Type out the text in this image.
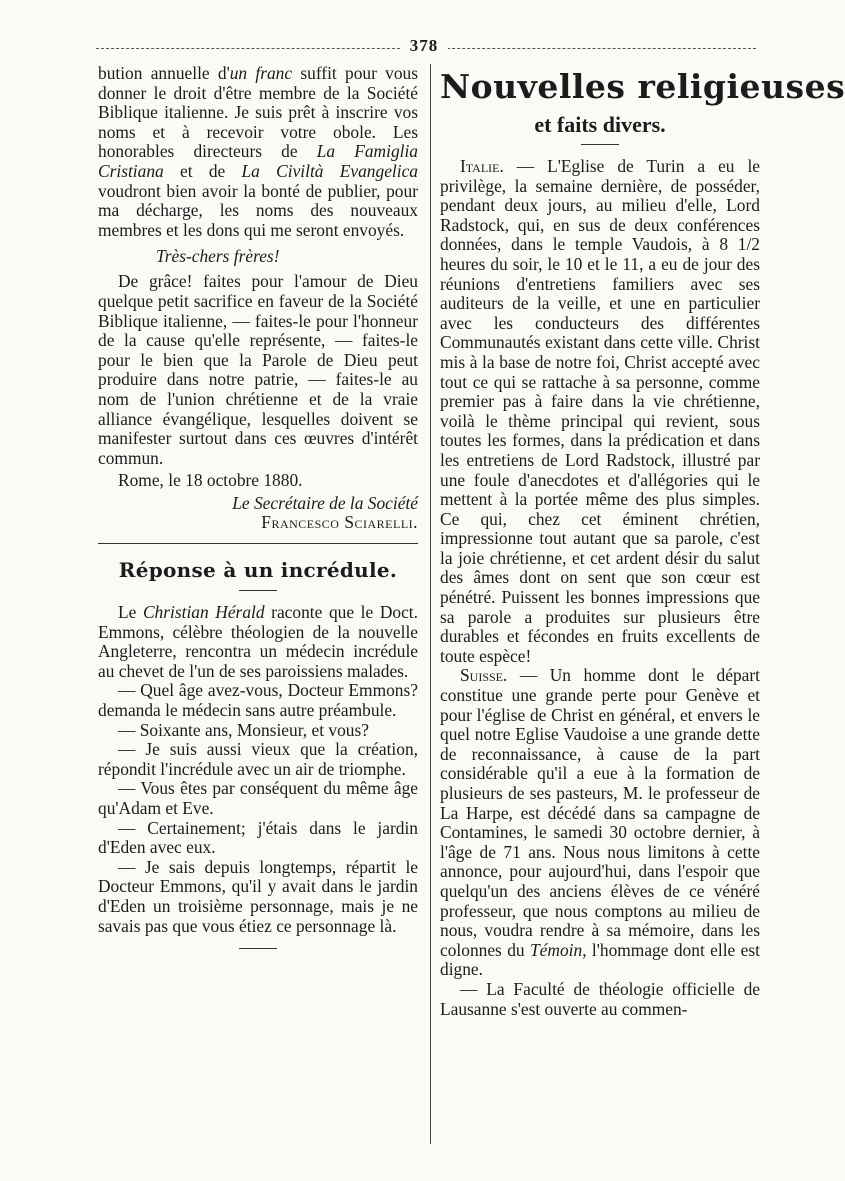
378

bution annuelle d'un franc suffit pour vous donner le droit d'être membre de la Société Biblique italienne. Je suis prêt à inscrire vos noms et à recevoir votre obole. Les honorables directeurs de La Famiglia Cristiana et de La Civiltà Evangelica voudront bien avoir la bonté de publier, pour ma décharge, les noms des nouveaux membres et les dons qui me seront envoyés.

Très-chers frères!

De grâce! faites pour l'amour de Dieu quelque petit sacrifice en faveur de la Société Biblique italienne, — faites-le pour l'honneur de la cause qu'elle représente, — faites-le pour le bien que la Parole de Dieu peut produire dans notre patrie, — faites-le au nom de l'union chrétienne et de la vraie alliance évangélique, lesquelles doivent se manifester surtout dans ces œuvres d'intérêt commun.

Rome, le 18 octobre 1880.

Le Secrétaire de la Société

Francesco Sciarelli.

Réponse à un incrédule.

Le Christian Hérald raconte que le Doct. Emmons, célèbre théologien de la nouvelle Angleterre, rencontra un médecin incrédule au chevet de l'un de ses paroissiens malades.

— Quel âge avez-vous, Docteur Emmons? demanda le médecin sans autre préambule.

— Soixante ans, Monsieur, et vous?

— Je suis aussi vieux que la création, répondit l'incrédule avec un air de triomphe.

— Vous êtes par conséquent du même âge qu'Adam et Eve.

— Certainement; j'étais dans le jardin d'Eden avec eux.

— Je sais depuis longtemps, répartit le Docteur Emmons, qu'il y avait dans le jardin d'Eden un troisième personnage, mais je ne savais pas que vous étiez ce personnage là.

Nouvelles religieuses
et faits divers.

Italie. — L'Eglise de Turin a eu le privilège, la semaine dernière, de posséder, pendant deux jours, au milieu d'elle, Lord Radstock, qui, en sus de deux conférences données, dans le temple Vaudois, à 8 1/2 heures du soir, le 10 et le 11, a eu de jour des réunions d'entretiens familiers avec ses auditeurs de la veille, et une en particulier avec les conducteurs des différentes Communautés existant dans cette ville. Christ mis à la base de notre foi, Christ accepté avec tout ce qui se rattache à sa personne, comme premier pas à faire dans la vie chrétienne, voilà le thème principal qui revient, sous toutes les formes, dans la prédication et dans les entretiens de Lord Radstock, illustré par une foule d'anecdotes et d'allégories qui le mettent à la portée même des plus simples. Ce qui, chez cet éminent chrétien, impressionne tout autant que sa parole, c'est la joie chrétienne, et cet ardent désir du salut des âmes dont on sent que son cœur est pénétré. Puissent les bonnes impressions que sa parole a produites sur plusieurs être durables et fécondes en fruits excellents de toute espèce!

Suisse. — Un homme dont le départ constitue une grande perte pour Genève et pour l'église de Christ en général, et envers le quel notre Eglise Vaudoise a une grande dette de reconnaissance, à cause de la part considérable qu'il a eue à la formation de plusieurs de ses pasteurs, M. le professeur de La Harpe, est décédé dans sa campagne de Contamines, le samedi 30 octobre dernier, à l'âge de 71 ans. Nous nous limitons à cette annonce, pour aujourd'hui, dans l'espoir que quelqu'un des anciens élèves de ce vénéré professeur, que nous comptons au milieu de nous, voudra rendre à sa mémoire, dans les colonnes du Témoin, l'hommage dont elle est digne.

— La Faculté de théologie officielle de Lausanne s'est ouverte au commen-
